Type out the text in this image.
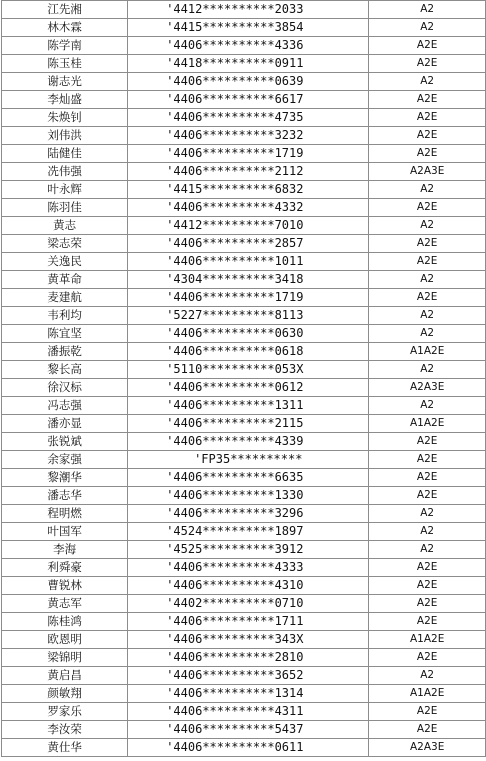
江先湘	'4412**********2033	A2
林木霖	'4415**********3854	A2
陈学南	'4406**********4336	A2E
陈玉桂	'4418**********0911	A2E
谢志光	'4406**********0639	A2
李灿盛	'4406**********6617	A2E
朱焕钊	'4406**********4735	A2E
刘伟洪	'4406**********3232	A2E
陆健佳	'4406**********1719	A2E
冼伟强	'4406**********2112	A2A3E
叶永辉	'4415**********6832	A2
陈羽佳	'4406**********4332	A2E
黄志	'4412**********7010	A2
梁志荣	'4406**********2857	A2E
关逸民	'4406**********1011	A2E
黄革命	'4304**********3418	A2
麦建航	'4406**********1719	A2E
韦利均	'5227**********8113	A2
陈宜坚	'4406**********0630	A2
潘振乾	'4406**********0618	A1A2E
黎长高	'5110**********053X	A2
徐汉标	'4406**********0612	A2A3E
冯志强	'4406**********1311	A2
潘亦显	'4406**********2115	A1A2E
张锐斌	'4406**********4339	A2E
余家强	'FP35**********	A2E
黎潮华	'4406**********6635	A2E
潘志华	'4406**********1330	A2E
程明燃	'4406**********3296	A2
叶国军	'4524**********1897	A2
李海	'4525**********3912	A2
利舜豪	'4406**********4333	A2E
曹锐林	'4406**********4310	A2E
黄志军	'4402**********0710	A2E
陈桂鸿	'4406**********1711	A2E
欧恩明	'4406**********343X	A1A2E
梁锦明	'4406**********2810	A2E
黄启昌	'4406**********3652	A2
颜敏翔	'4406**********1314	A1A2E
罗家乐	'4406**********4311	A2E
李汝荣	'4406**********5437	A2E
黄仕华	'4406**********0611	A2A3E
